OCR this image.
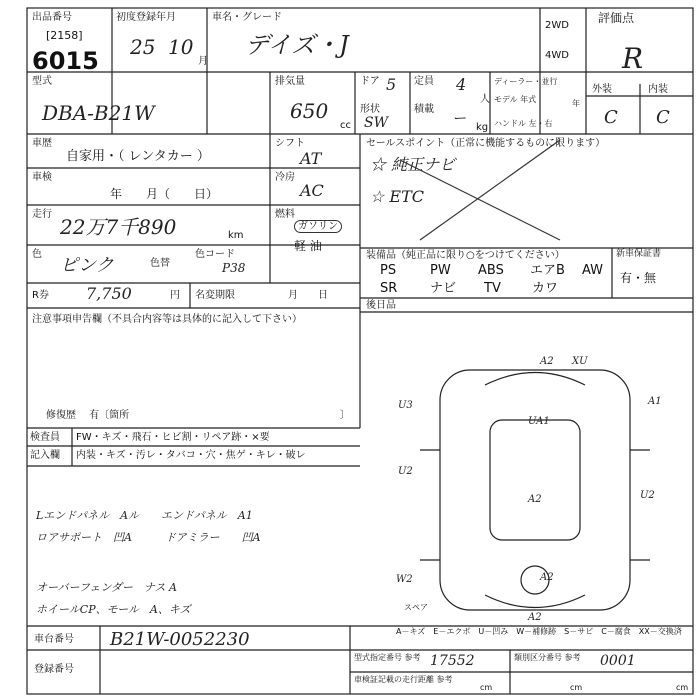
出品番号
[2158]
6015
初度登録年月
25 10
月
車名・グレード
デイズ・J
2WD
4WD
評価点
R
型式
DBA-B21W
排気量
650
cc
ドア 5 定員 4
人
形状
SW
積載
ー
kg
ディーラー・並行
モデル 年式	年
ハンドル 左・右
外装	内装
C C
車歴
自家用・（ レンタカー ）
シフト
AT
車検
年　　月（　　日）
冷房
AC
走行
22万7千890	km
燃料
ガソリン
軽 油
色
ピンク	色替
色コード
P38
R券 7,750	円 名変期限	月　　日
セールスポイント（正常に機能するものに限ります）
☆ 純正ナビ
☆ ETC
装備品（純正品に限り○をつけてください）	新車保証書
有・無
PS	PW ABS エアB AW
SR	ナビ TV カワ
後日品
注意事項申告欄（不具合内容等は具体的に記入して下さい）
修復歴　 有〔箇所	〕
検査員 FW・キズ・飛石・ヒビ割・リペア跡・×要
記入欄 内装・キズ・汚レ・タバコ・穴・焦ゲ・キレ・破レ
Lエンドパネル　Aル　　エンドパネル　A1
ロアサポート　凹A　　　ドアミラー　　凹A
オーバーフェンダー　ナス A
ホイールCP、モール　A、キズ
A2 XU
U3	A1
UA1
U2
U2
W2	A2
A2
A2
スペア
A－キズ　E－エクボ　U－凹み　W－補修跡　S－サビ　C－腐食　XX－交換済
車台番号 B21W-0052230
登録番号
型式指定番号 参考 17552	類別区分番号 参考 0001
車検証記載の走行距離 参考
cm	cm	cm
